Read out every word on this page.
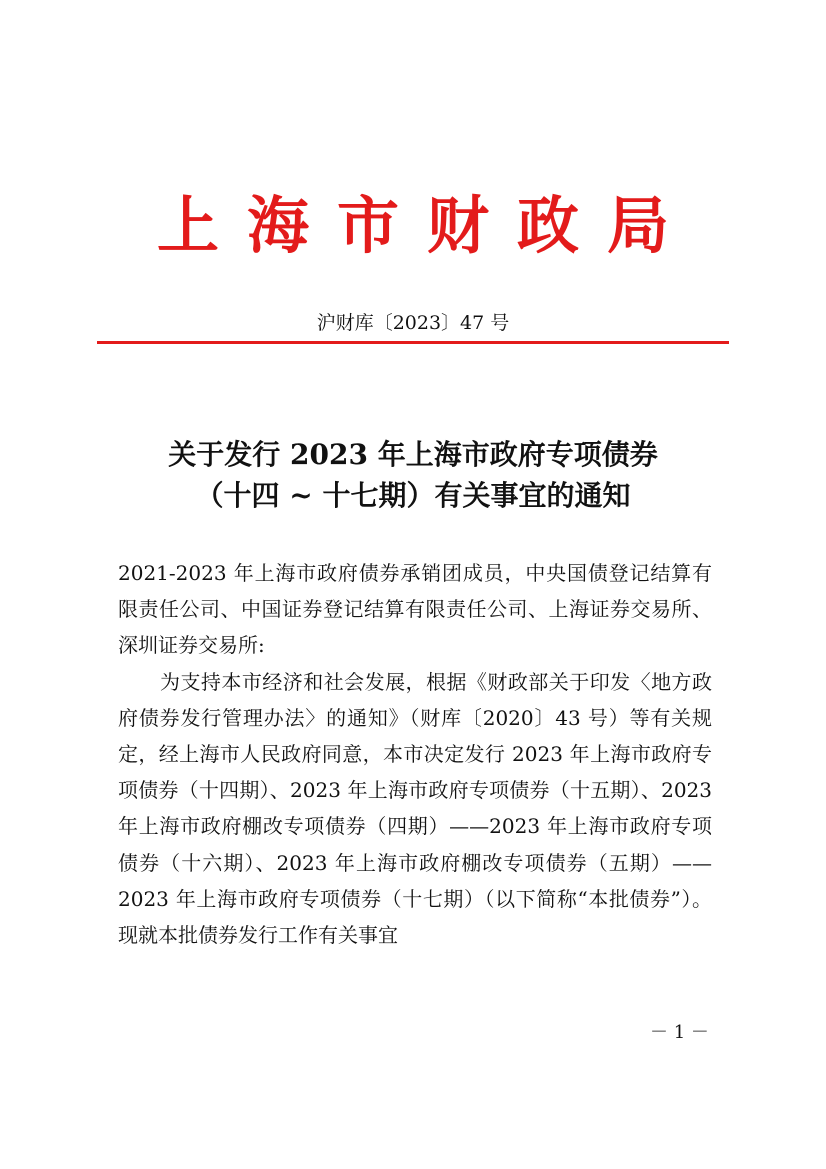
上海市财政局
沪财库〔2023〕47 号
关于发行 2023 年上海市政府专项债券
（十四 ~ 十七期）有关事宜的通知

2021-2023 年上海市政府债券承销团成员，中央国债登记结算有限责任公司、中国证券登记结算有限责任公司、上海证券交易所、深圳证券交易所:

为支持本市经济和社会发展，根据《财政部关于印发〈地方政府债券发行管理办法〉的通知》（财库〔2020〕43 号）等有关规定，经上海市人民政府同意，本市决定发行 2023 年上海市政府专项债券（十四期）、2023 年上海市政府专项债券（十五期）、2023 年上海市政府棚改专项债券（四期）——2023 年上海市政府专项债券（十六期）、2023 年上海市政府棚改专项债券（五期）——2023 年上海市政府专项债券（十七期）（以下简称“本批债券”）。现就本批债券发行工作有关事宜

－ 1 －
